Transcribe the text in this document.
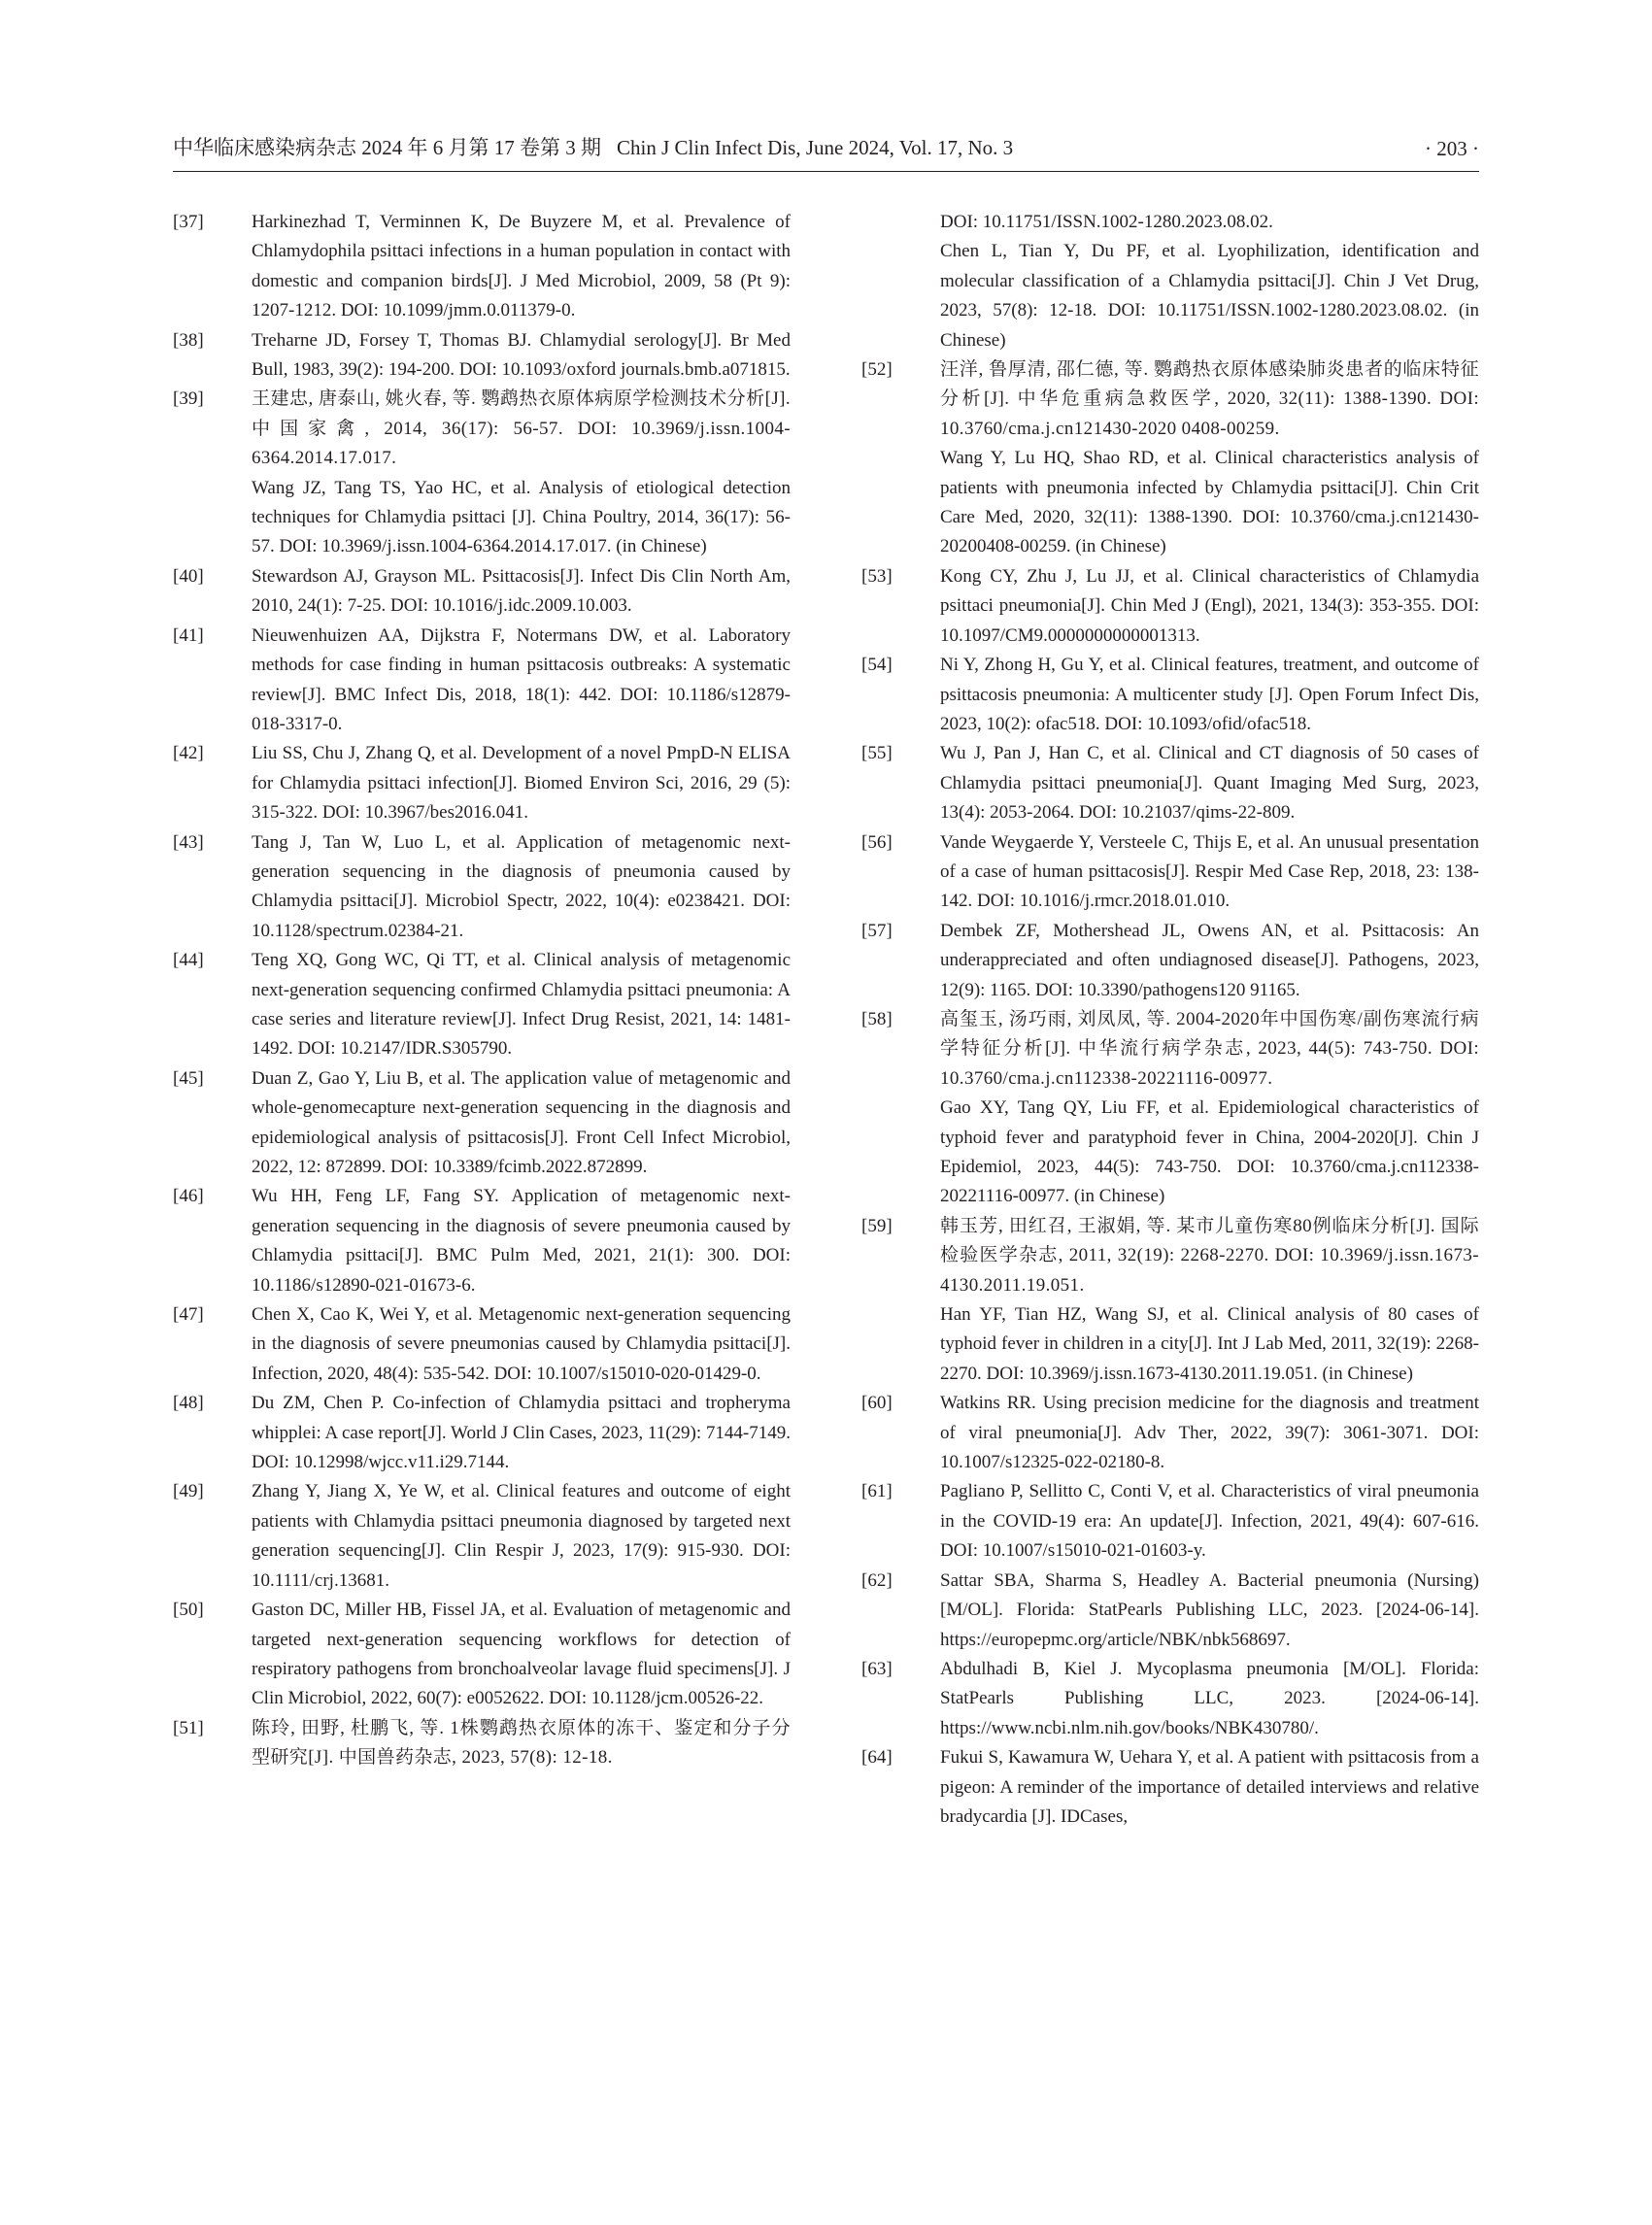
中华临床感染病杂志 2024 年 6 月第 17 卷第 3 期 Chin J Clin Infect Dis, June 2024, Vol. 17, No. 3	· 203 ·
[37]	Harkinezhad T, Verminnen K, De Buyzere M, et al. Prevalence of Chlamydophila psittaci infections in a human population in contact with domestic and companion birds[J]. J Med Microbiol, 2009, 58 (Pt 9): 1207-1212. DOI: 10.1099/jmm.0.011379-0.
[38]	Treharne JD, Forsey T, Thomas BJ. Chlamydial serology[J]. Br Med Bull, 1983, 39(2): 194-200. DOI: 10.1093/oxford journals.bmb.a071815.
[39]	王建忠, 唐泰山, 姚火春, 等. 鹦鹉热衣原体病原学检测技术分析[J]. 中国家禽, 2014, 36(17): 56-57. DOI: 10.3969/j.issn.1004-6364.2014.17.017.
Wang JZ, Tang TS, Yao HC, et al. Analysis of etiological detection techniques for Chlamydia psittaci [J]. China Poultry, 2014, 36(17): 56-57. DOI: 10.3969/j.issn.1004-6364.2014.17.017. (in Chinese)
[40]	Stewardson AJ, Grayson ML. Psittacosis[J]. Infect Dis Clin North Am, 2010, 24(1): 7-25. DOI: 10.1016/j.idc.2009.10.003.
[41]	Nieuwenhuizen AA, Dijkstra F, Notermans DW, et al. Laboratory methods for case finding in human psittacosis outbreaks: A systematic review[J]. BMC Infect Dis, 2018, 18(1): 442. DOI: 10.1186/s12879-018-3317-0.
[42]	Liu SS, Chu J, Zhang Q, et al. Development of a novel PmpD-N ELISA for Chlamydia psittaci infection[J]. Biomed Environ Sci, 2016, 29 (5): 315-322. DOI: 10.3967/bes2016.041.
[43]	Tang J, Tan W, Luo L, et al. Application of metagenomic next-generation sequencing in the diagnosis of pneumonia caused by Chlamydia psittaci[J]. Microbiol Spectr, 2022, 10(4): e0238421. DOI: 10.1128/spectrum.02384-21.
[44]	Teng XQ, Gong WC, Qi TT, et al. Clinical analysis of metagenomic next-generation sequencing confirmed Chlamydia psittaci pneumonia: A case series and literature review[J]. Infect Drug Resist, 2021, 14: 1481-1492. DOI: 10.2147/IDR.S305790.
[45]	Duan Z, Gao Y, Liu B, et al. The application value of metagenomic and whole-genomecapture next-generation sequencing in the diagnosis and epidemiological analysis of psittacosis[J]. Front Cell Infect Microbiol, 2022, 12: 872899. DOI: 10.3389/fcimb.2022.872899.
[46]	Wu HH, Feng LF, Fang SY. Application of metagenomic next-generation sequencing in the diagnosis of severe pneumonia caused by Chlamydia psittaci[J]. BMC Pulm Med, 2021, 21(1): 300. DOI: 10.1186/s12890-021-01673-6.
[47]	Chen X, Cao K, Wei Y, et al. Metagenomic next-generation sequencing in the diagnosis of severe pneumonias caused by Chlamydia psittaci[J]. Infection, 2020, 48(4): 535-542. DOI: 10.1007/s15010-020-01429-0.
[48]	Du ZM, Chen P. Co-infection of Chlamydia psittaci and tropheryma whipplei: A case report[J]. World J Clin Cases, 2023, 11(29): 7144-7149. DOI: 10.12998/wjcc.v11.i29.7144.
[49]	Zhang Y, Jiang X, Ye W, et al. Clinical features and outcome of eight patients with Chlamydia psittaci pneumonia diagnosed by targeted next generation sequencing[J]. Clin Respir J, 2023, 17(9): 915-930. DOI: 10.1111/crj.13681.
[50]	Gaston DC, Miller HB, Fissel JA, et al. Evaluation of metagenomic and targeted next-generation sequencing workflows for detection of respiratory pathogens from bronchoalveolar lavage fluid specimens[J]. J Clin Microbiol, 2022, 60(7): e0052622. DOI: 10.1128/jcm.00526-22.
[51]	陈玲, 田野, 杜鹏飞, 等. 1株鹦鹉热衣原体的冻干、鉴定和分子分型研究[J]. 中国兽药杂志, 2023, 57(8): 12-18.
DOI: 10.11751/ISSN.1002-1280.2023.08.02.
Chen L, Tian Y, Du PF, et al. Lyophilization, identification and molecular classification of a Chlamydia psittaci[J]. Chin J Vet Drug, 2023, 57(8): 12-18. DOI: 10.11751/ISSN.1002-1280.2023.08.02. (in Chinese)
[52]	汪洋, 鲁厚清, 邵仁德, 等. 鹦鹉热衣原体感染肺炎患者的临床特征分析[J]. 中华危重病急救医学, 2020, 32(11): 1388-1390. DOI: 10.3760/cma.j.cn121430-2020 0408-00259.
Wang Y, Lu HQ, Shao RD, et al. Clinical characteristics analysis of patients with pneumonia infected by Chlamydia psittaci[J]. Chin Crit Care Med, 2020, 32(11): 1388-1390. DOI: 10.3760/cma.j.cn121430-20200408-00259. (in Chinese)
[53]	Kong CY, Zhu J, Lu JJ, et al. Clinical characteristics of Chlamydia psittaci pneumonia[J]. Chin Med J (Engl), 2021, 134(3): 353-355. DOI: 10.1097/CM9.0000000000001313.
[54]	Ni Y, Zhong H, Gu Y, et al. Clinical features, treatment, and outcome of psittacosis pneumonia: A multicenter study [J]. Open Forum Infect Dis, 2023, 10(2): ofac518. DOI: 10.1093/ofid/ofac518.
[55]	Wu J, Pan J, Han C, et al. Clinical and CT diagnosis of 50 cases of Chlamydia psittaci pneumonia[J]. Quant Imaging Med Surg, 2023, 13(4): 2053-2064. DOI: 10.21037/qims-22-809.
[56]	Vande Weygaerde Y, Versteele C, Thijs E, et al. An unusual presentation of a case of human psittacosis[J]. Respir Med Case Rep, 2018, 23: 138-142. DOI: 10.1016/j.rmcr.2018.01.010.
[57]	Dembek ZF, Mothershead JL, Owens AN, et al. Psittacosis: An underappreciated and often undiagnosed disease[J]. Pathogens, 2023, 12(9): 1165. DOI: 10.3390/pathogens120 91165.
[58]	高玺玉, 汤巧雨, 刘凤凤, 等. 2004-2020年中国伤寒/副伤寒流行病学特征分析[J]. 中华流行病学杂志, 2023, 44(5): 743-750. DOI: 10.3760/cma.j.cn112338-20221116-00977.
Gao XY, Tang QY, Liu FF, et al. Epidemiological characteristics of typhoid fever and paratyphoid fever in China, 2004-2020[J]. Chin J Epidemiol, 2023, 44(5): 743-750. DOI: 10.3760/cma.j.cn112338-20221116-00977. (in Chinese)
[59]	韩玉芳, 田红召, 王淑娟, 等. 某市儿童伤寒80例临床分析[J]. 国际检验医学杂志, 2011, 32(19): 2268-2270. DOI: 10.3969/j.issn.1673-4130.2011.19.051.
Han YF, Tian HZ, Wang SJ, et al. Clinical analysis of 80 cases of typhoid fever in children in a city[J]. Int J Lab Med, 2011, 32(19): 2268-2270. DOI: 10.3969/j.issn.1673-4130.2011.19.051. (in Chinese)
[60]	Watkins RR. Using precision medicine for the diagnosis and treatment of viral pneumonia[J]. Adv Ther, 2022, 39(7): 3061-3071. DOI: 10.1007/s12325-022-02180-8.
[61]	Pagliano P, Sellitto C, Conti V, et al. Characteristics of viral pneumonia in the COVID-19 era: An update[J]. Infection, 2021, 49(4): 607-616. DOI: 10.1007/s15010-021-01603-y.
[62]	Sattar SBA, Sharma S, Headley A. Bacterial pneumonia (Nursing) [M/OL]. Florida: StatPearls Publishing LLC, 2023. [2024-06-14]. https://europepmc.org/article/NBK/nbk568697.
[63]	Abdulhadi B, Kiel J. Mycoplasma pneumonia [M/OL]. Florida: StatPearls Publishing LLC, 2023. [2024-06-14]. https://www.ncbi.nlm.nih.gov/books/NBK430780/.
[64]	Fukui S, Kawamura W, Uehara Y, et al. A patient with psittacosis from a pigeon: A reminder of the importance of detailed interviews and relative bradycardia [J]. IDCases,
